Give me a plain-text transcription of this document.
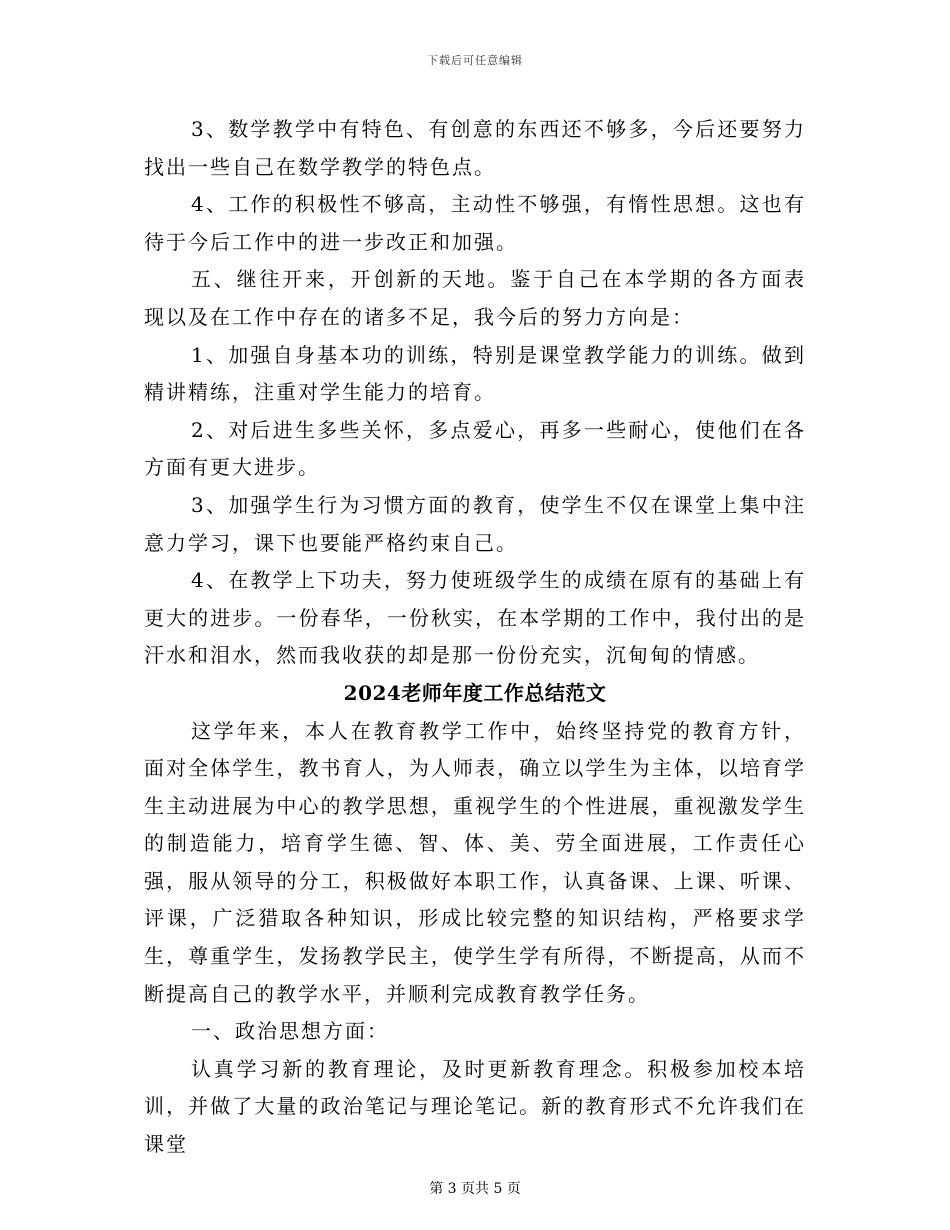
下载后可任意编辑

3、数学教学中有特色、有创意的东西还不够多，今后还要努力找出一些自己在数学教学的特色点。

4、工作的积极性不够高，主动性不够强，有惰性思想。这也有待于今后工作中的进一步改正和加强。

五、继往开来，开创新的天地。鉴于自己在本学期的各方面表现以及在工作中存在的诸多不足，我今后的努力方向是：

1、加强自身基本功的训练，特别是课堂教学能力的训练。做到精讲精练，注重对学生能力的培育。

2、对后进生多些关怀，多点爱心，再多一些耐心，使他们在各方面有更大进步。

3、加强学生行为习惯方面的教育，使学生不仅在课堂上集中注意力学习，课下也要能严格约束自己。

4、在教学上下功夫，努力使班级学生的成绩在原有的基础上有更大的进步。一份春华，一份秋实，在本学期的工作中，我付出的是汗水和泪水，然而我收获的却是那一份份充实，沉甸甸的情感。

2024老师年度工作总结范文

这学年来，本人在教育教学工作中，始终坚持党的教育方针，面对全体学生，教书育人，为人师表，确立以学生为主体，以培育学生主动进展为中心的教学思想，重视学生的个性进展，重视激发学生的制造能力，培育学生德、智、体、美、劳全面进展，工作责任心强，服从领导的分工，积极做好本职工作，认真备课、上课、听课、评课，广泛猎取各种知识，形成比较完整的知识结构，严格要求学生，尊重学生，发扬教学民主，使学生学有所得，不断提高，从而不断提高自己的教学水平，并顺利完成教育教学任务。

一、政治思想方面：

认真学习新的教育理论，及时更新教育理念。积极参加校本培训，并做了大量的政治笔记与理论笔记。新的教育形式不允许我们在课堂

第 3 页共 5 页
